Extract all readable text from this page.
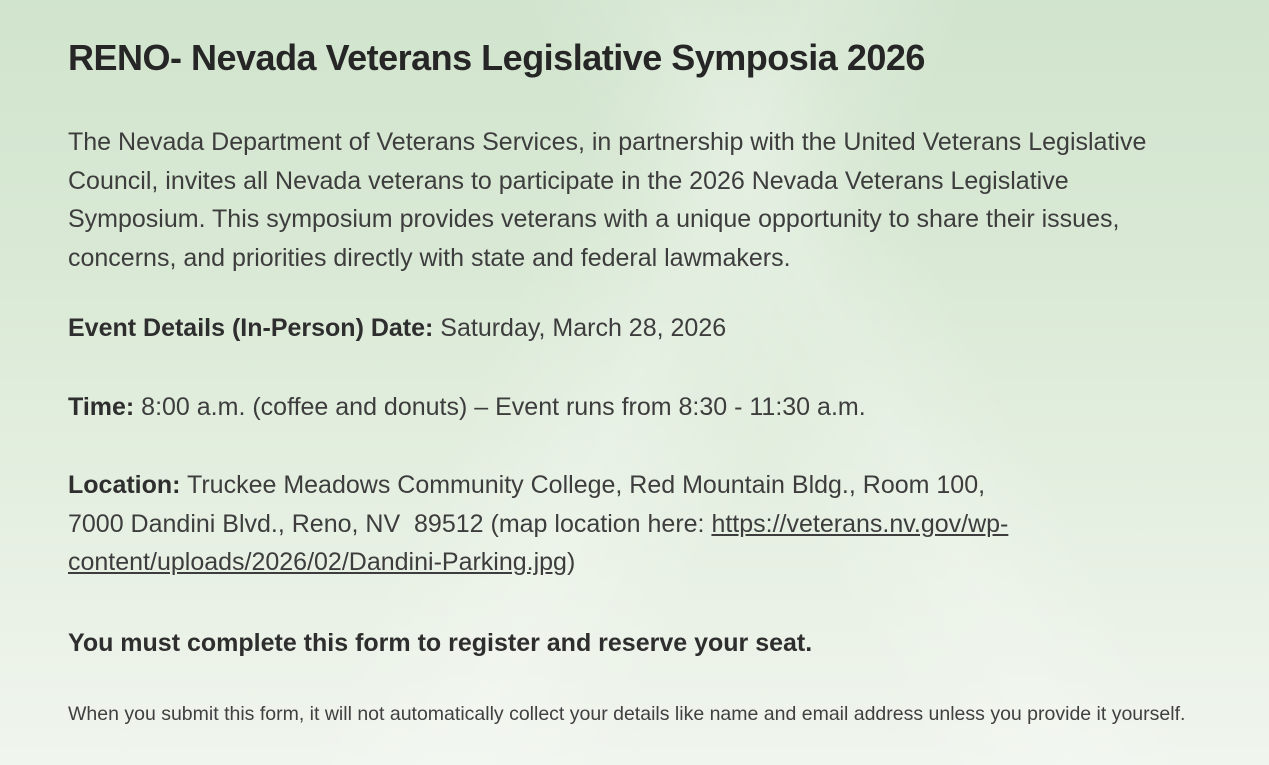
RENO- Nevada Veterans Legislative Symposia 2026

The Nevada Department of Veterans Services, in partnership with the United Veterans Legislative Council, invites all Nevada veterans to participate in the 2026 Nevada Veterans Legislative Symposium. This symposium provides veterans with a unique opportunity to share their issues, concerns, and priorities directly with state and federal lawmakers.

Event Details (In-Person) Date: Saturday, March 28, 2026

Time: 8:00 a.m. (coffee and donuts) – Event runs from 8:30 - 11:30 a.m.

Location: Truckee Meadows Community College, Red Mountain Bldg., Room 100,
7000 Dandini Blvd., Reno, NV  89512 (map location here: https://veterans.nv.gov/wp-content/uploads/2026/02/Dandini-Parking.jpg)

You must complete this form to register and reserve your seat.

When you submit this form, it will not automatically collect your details like name and email address unless you provide it yourself.
